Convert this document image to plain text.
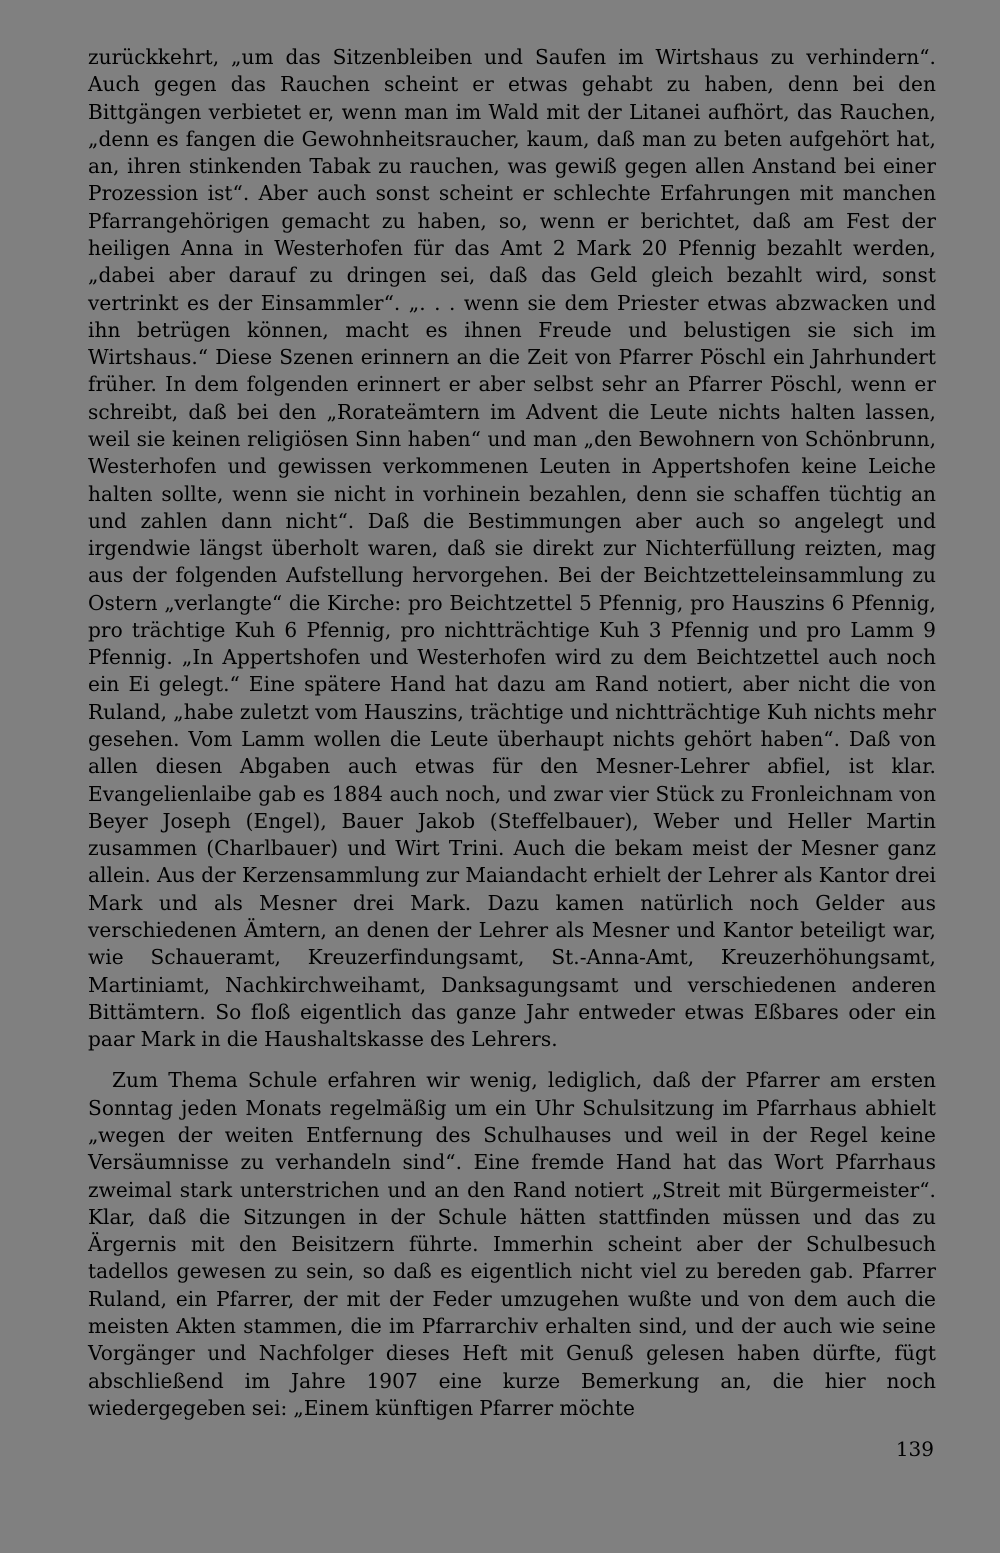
zurückkehrt, „um das Sitzenbleiben und Saufen im Wirtshaus zu verhindern“. Auch gegen das Rauchen scheint er etwas gehabt zu haben, denn bei den Bittgängen verbietet er, wenn man im Wald mit der Litanei aufhört, das Rauchen, „denn es fangen die Gewohnheitsraucher, kaum, daß man zu beten aufgehört hat, an, ihren stinkenden Tabak zu rauchen, was gewiß gegen allen Anstand bei einer Prozession ist“. Aber auch sonst scheint er schlechte Erfahrungen mit manchen Pfarrangehörigen gemacht zu haben, so, wenn er berichtet, daß am Fest der heiligen Anna in Westerhofen für das Amt 2 Mark 20 Pfennig bezahlt werden, „dabei aber darauf zu dringen sei, daß das Geld gleich bezahlt wird, sonst vertrinkt es der Einsammler“. „. . . wenn sie dem Priester etwas abzwacken und ihn betrügen können, macht es ihnen Freude und belustigen sie sich im Wirtshaus.“ Diese Szenen erinnern an die Zeit von Pfarrer Pöschl ein Jahrhundert früher. In dem folgenden erinnert er aber selbst sehr an Pfarrer Pöschl, wenn er schreibt, daß bei den „Rorateämtern im Advent die Leute nichts halten lassen, weil sie keinen religiösen Sinn haben“ und man „den Bewohnern von Schönbrunn, Westerhofen und gewissen verkommenen Leuten in Appertshofen keine Leiche halten sollte, wenn sie nicht in vorhinein bezahlen, denn sie schaffen tüchtig an und zahlen dann nicht“. Daß die Bestimmungen aber auch so angelegt und irgendwie längst überholt waren, daß sie direkt zur Nichterfüllung reizten, mag aus der folgenden Aufstellung hervorgehen. Bei der Beichtzetteleinsammlung zu Ostern „verlangte“ die Kirche: pro Beichtzettel 5 Pfennig, pro Hauszins 6 Pfennig, pro trächtige Kuh 6 Pfennig, pro nichtträchtige Kuh 3 Pfennig und pro Lamm 9 Pfennig. „In Appertshofen und Westerhofen wird zu dem Beichtzettel auch noch ein Ei gelegt.“ Eine spätere Hand hat dazu am Rand notiert, aber nicht die von Ruland, „habe zuletzt vom Hauszins, trächtige und nichtträchtige Kuh nichts mehr gesehen. Vom Lamm wollen die Leute überhaupt nichts gehört haben“. Daß von allen diesen Abgaben auch etwas für den Mesner-Lehrer abfiel, ist klar. Evangelienlaibe gab es 1884 auch noch, und zwar vier Stück zu Fronleichnam von Beyer Joseph (Engel), Bauer Jakob (Steffelbauer), Weber und Heller Martin zusammen (Charlbauer) und Wirt Trini. Auch die bekam meist der Mesner ganz allein. Aus der Kerzensammlung zur Maiandacht erhielt der Lehrer als Kantor drei Mark und als Mesner drei Mark. Dazu kamen natürlich noch Gelder aus verschiedenen Ämtern, an denen der Lehrer als Mesner und Kantor beteiligt war, wie Schaueramt, Kreuzerfindungsamt, St.-Anna-Amt, Kreuzerhöhungsamt, Martiniamt, Nachkirchweihamt, Danksagungsamt und verschiedenen anderen Bittämtern. So floß eigentlich das ganze Jahr entweder etwas Eßbares oder ein paar Mark in die Haushaltskasse des Lehrers.

Zum Thema Schule erfahren wir wenig, lediglich, daß der Pfarrer am ersten Sonntag jeden Monats regelmäßig um ein Uhr Schulsitzung im Pfarrhaus abhielt „wegen der weiten Entfernung des Schulhauses und weil in der Regel keine Versäumnisse zu verhandeln sind“. Eine fremde Hand hat das Wort Pfarrhaus zweimal stark unterstrichen und an den Rand notiert „Streit mit Bürgermeister“. Klar, daß die Sitzungen in der Schule hätten stattfinden müssen und das zu Ärgernis mit den Beisitzern führte. Immerhin scheint aber der Schulbesuch tadellos gewesen zu sein, so daß es eigentlich nicht viel zu bereden gab. Pfarrer Ruland, ein Pfarrer, der mit der Feder umzugehen wußte und von dem auch die meisten Akten stammen, die im Pfarrarchiv erhalten sind, und der auch wie seine Vorgänger und Nachfolger dieses Heft mit Genuß gelesen haben dürfte, fügt abschließend im Jahre 1907 eine kurze Bemerkung an, die hier noch wiedergegeben sei: „Einem künftigen Pfarrer möchte

139
